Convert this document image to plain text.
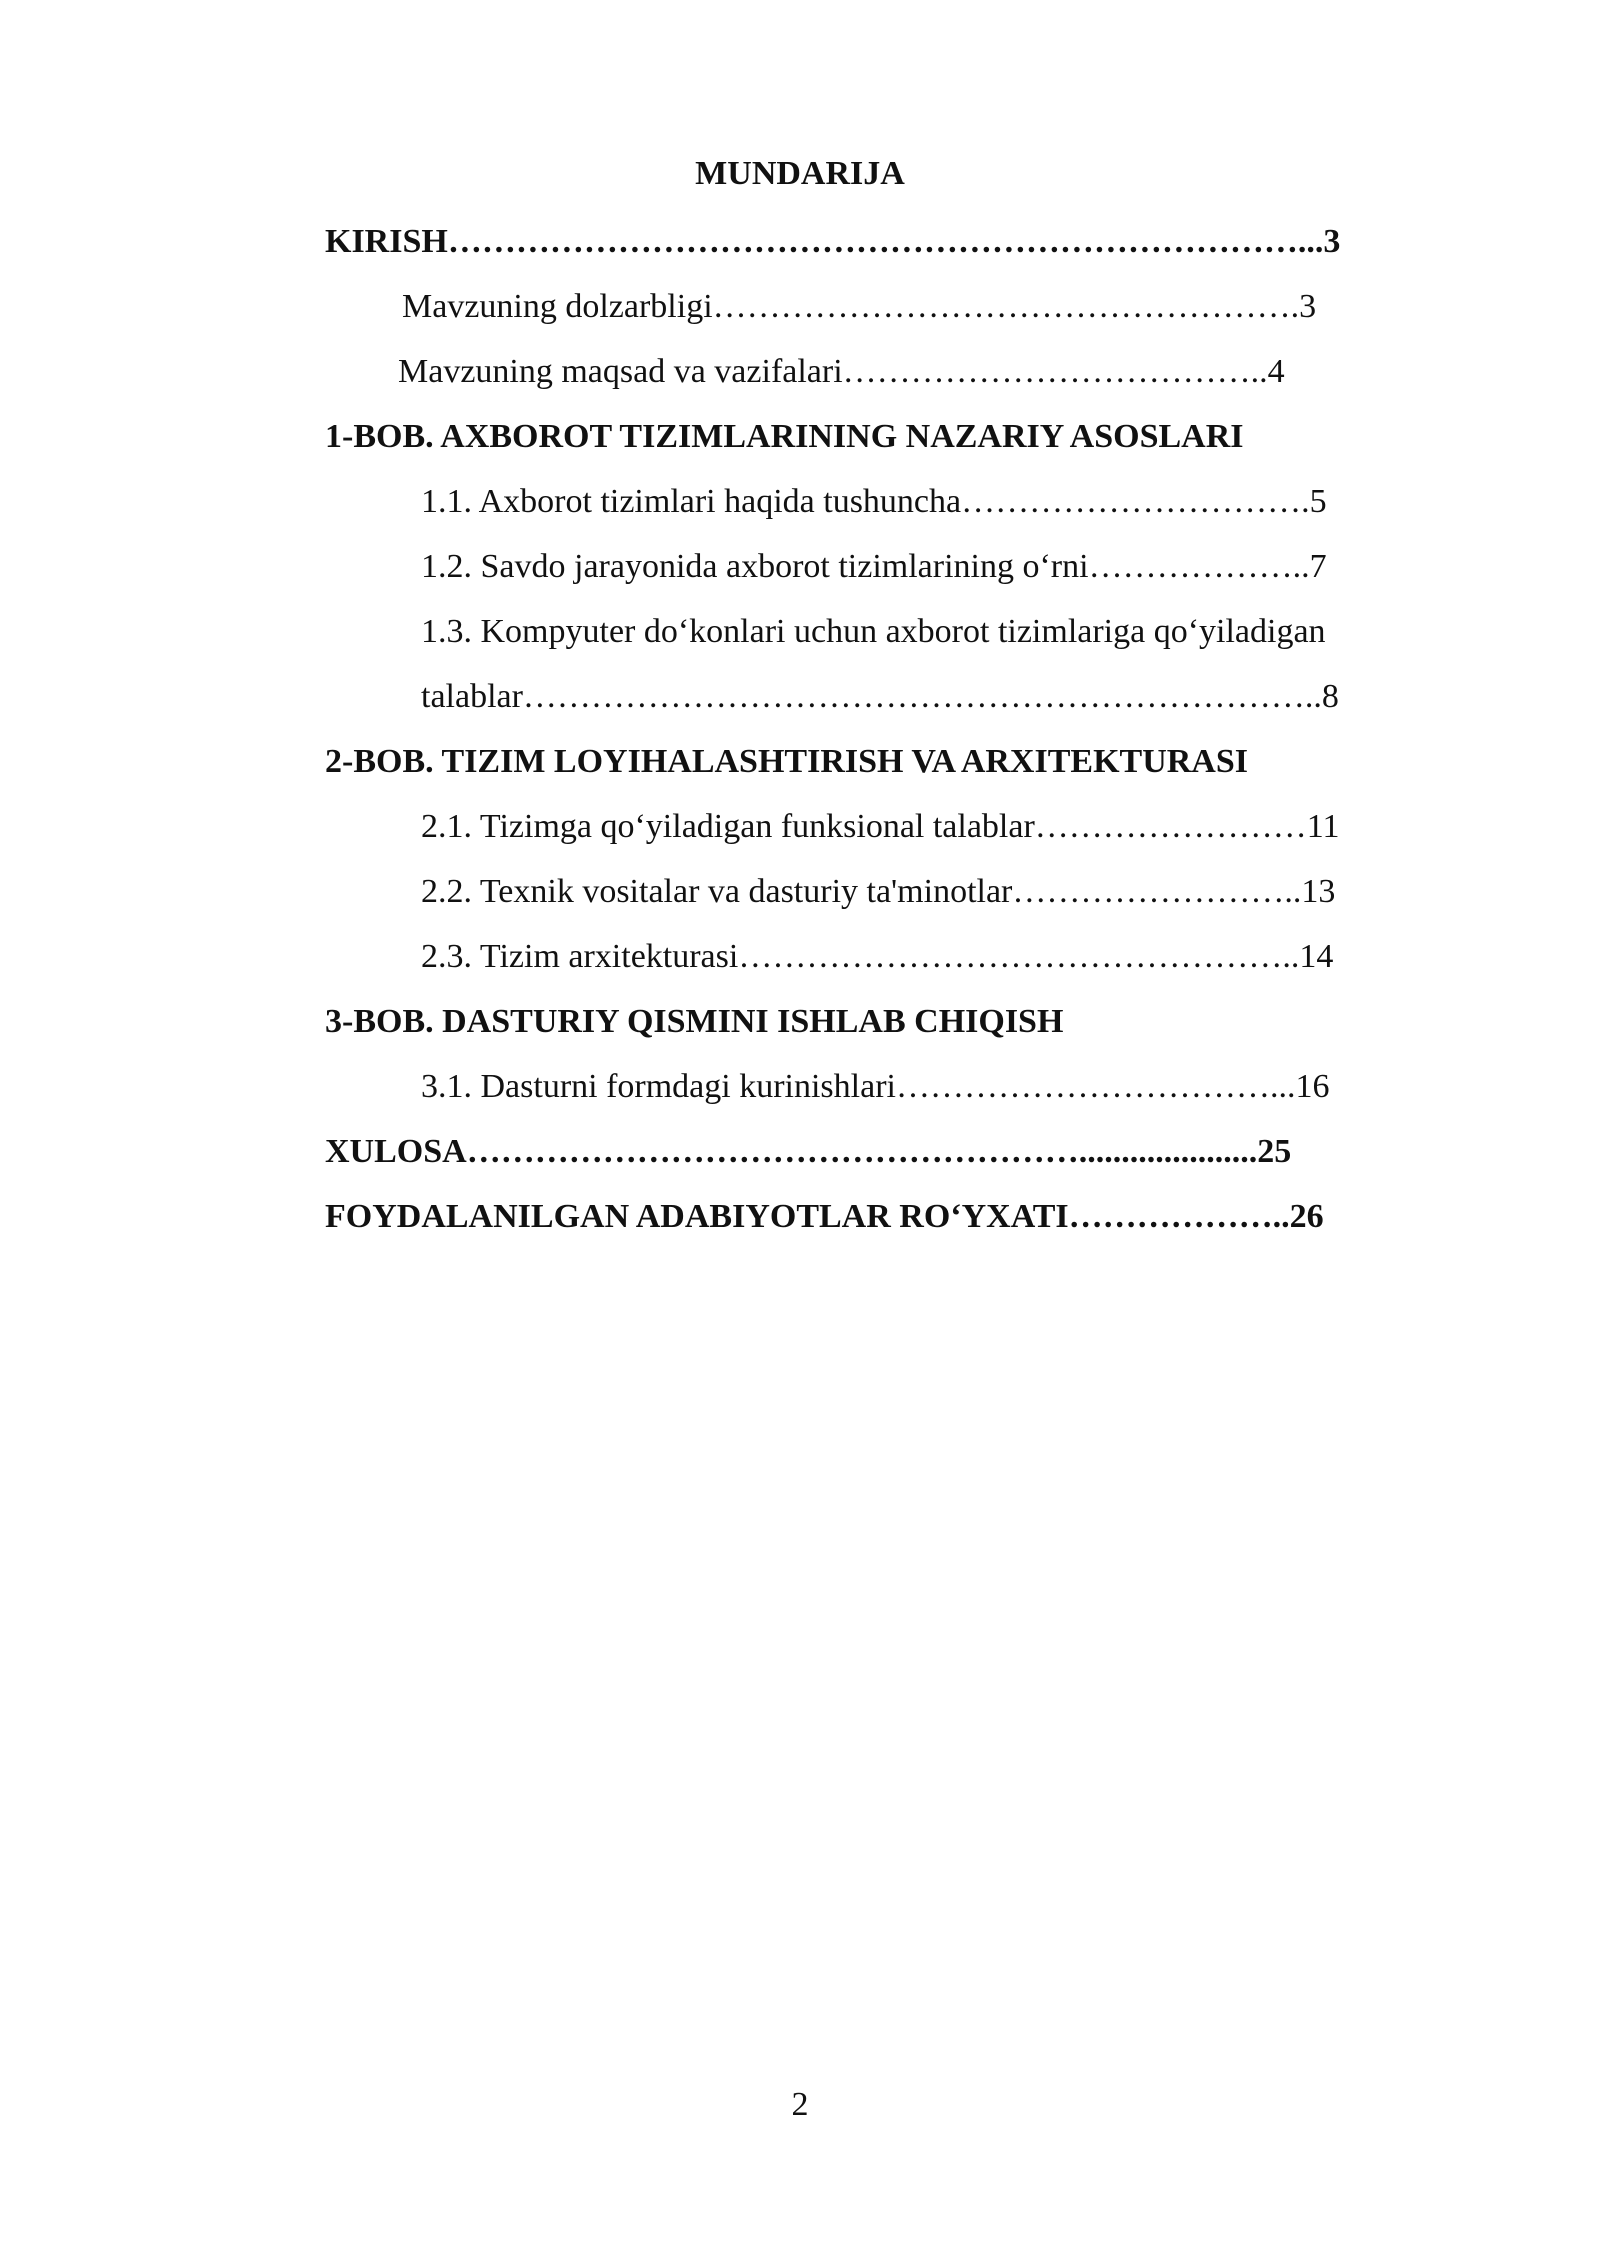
MUNDARIJA
KIRISH…………………………………………………………………...3
Mavzuning dolzarbligi…………………………………………….3
Mavzuning maqsad va vazifalari………………………………..4
1-BOB. AXBOROT TIZIMLARINING NAZARIY ASOSLARI
1.1. Axborot tizimlari haqida tushuncha………………………….5
1.2. Savdo jarayonida axborot tizimlarining o‘rni………………..7
1.3. Kompyuter do‘konlari uchun axborot tizimlariga qo‘yiladigan
talablar……………………………………………………………..8
2-BOB. TIZIM LOYIHALASHTIRISH VA ARXITEKTURASI
2.1. Tizimga qo‘yiladigan funksional talablar……………………11
2.2. Texnik vositalar va dasturiy ta'minotlar……………………..13
2.3. Tizim arxitekturasi…………………………………………..14
3-BOB. DASTURIY QISMINI ISHLAB CHIQISH
3.1. Dasturni formdagi kurinishlari……………………………...16
XULOSA……………………………………………….....................25
FOYDALANILGAN ADABIYOTLAR RO‘YXATI………………..26
2
